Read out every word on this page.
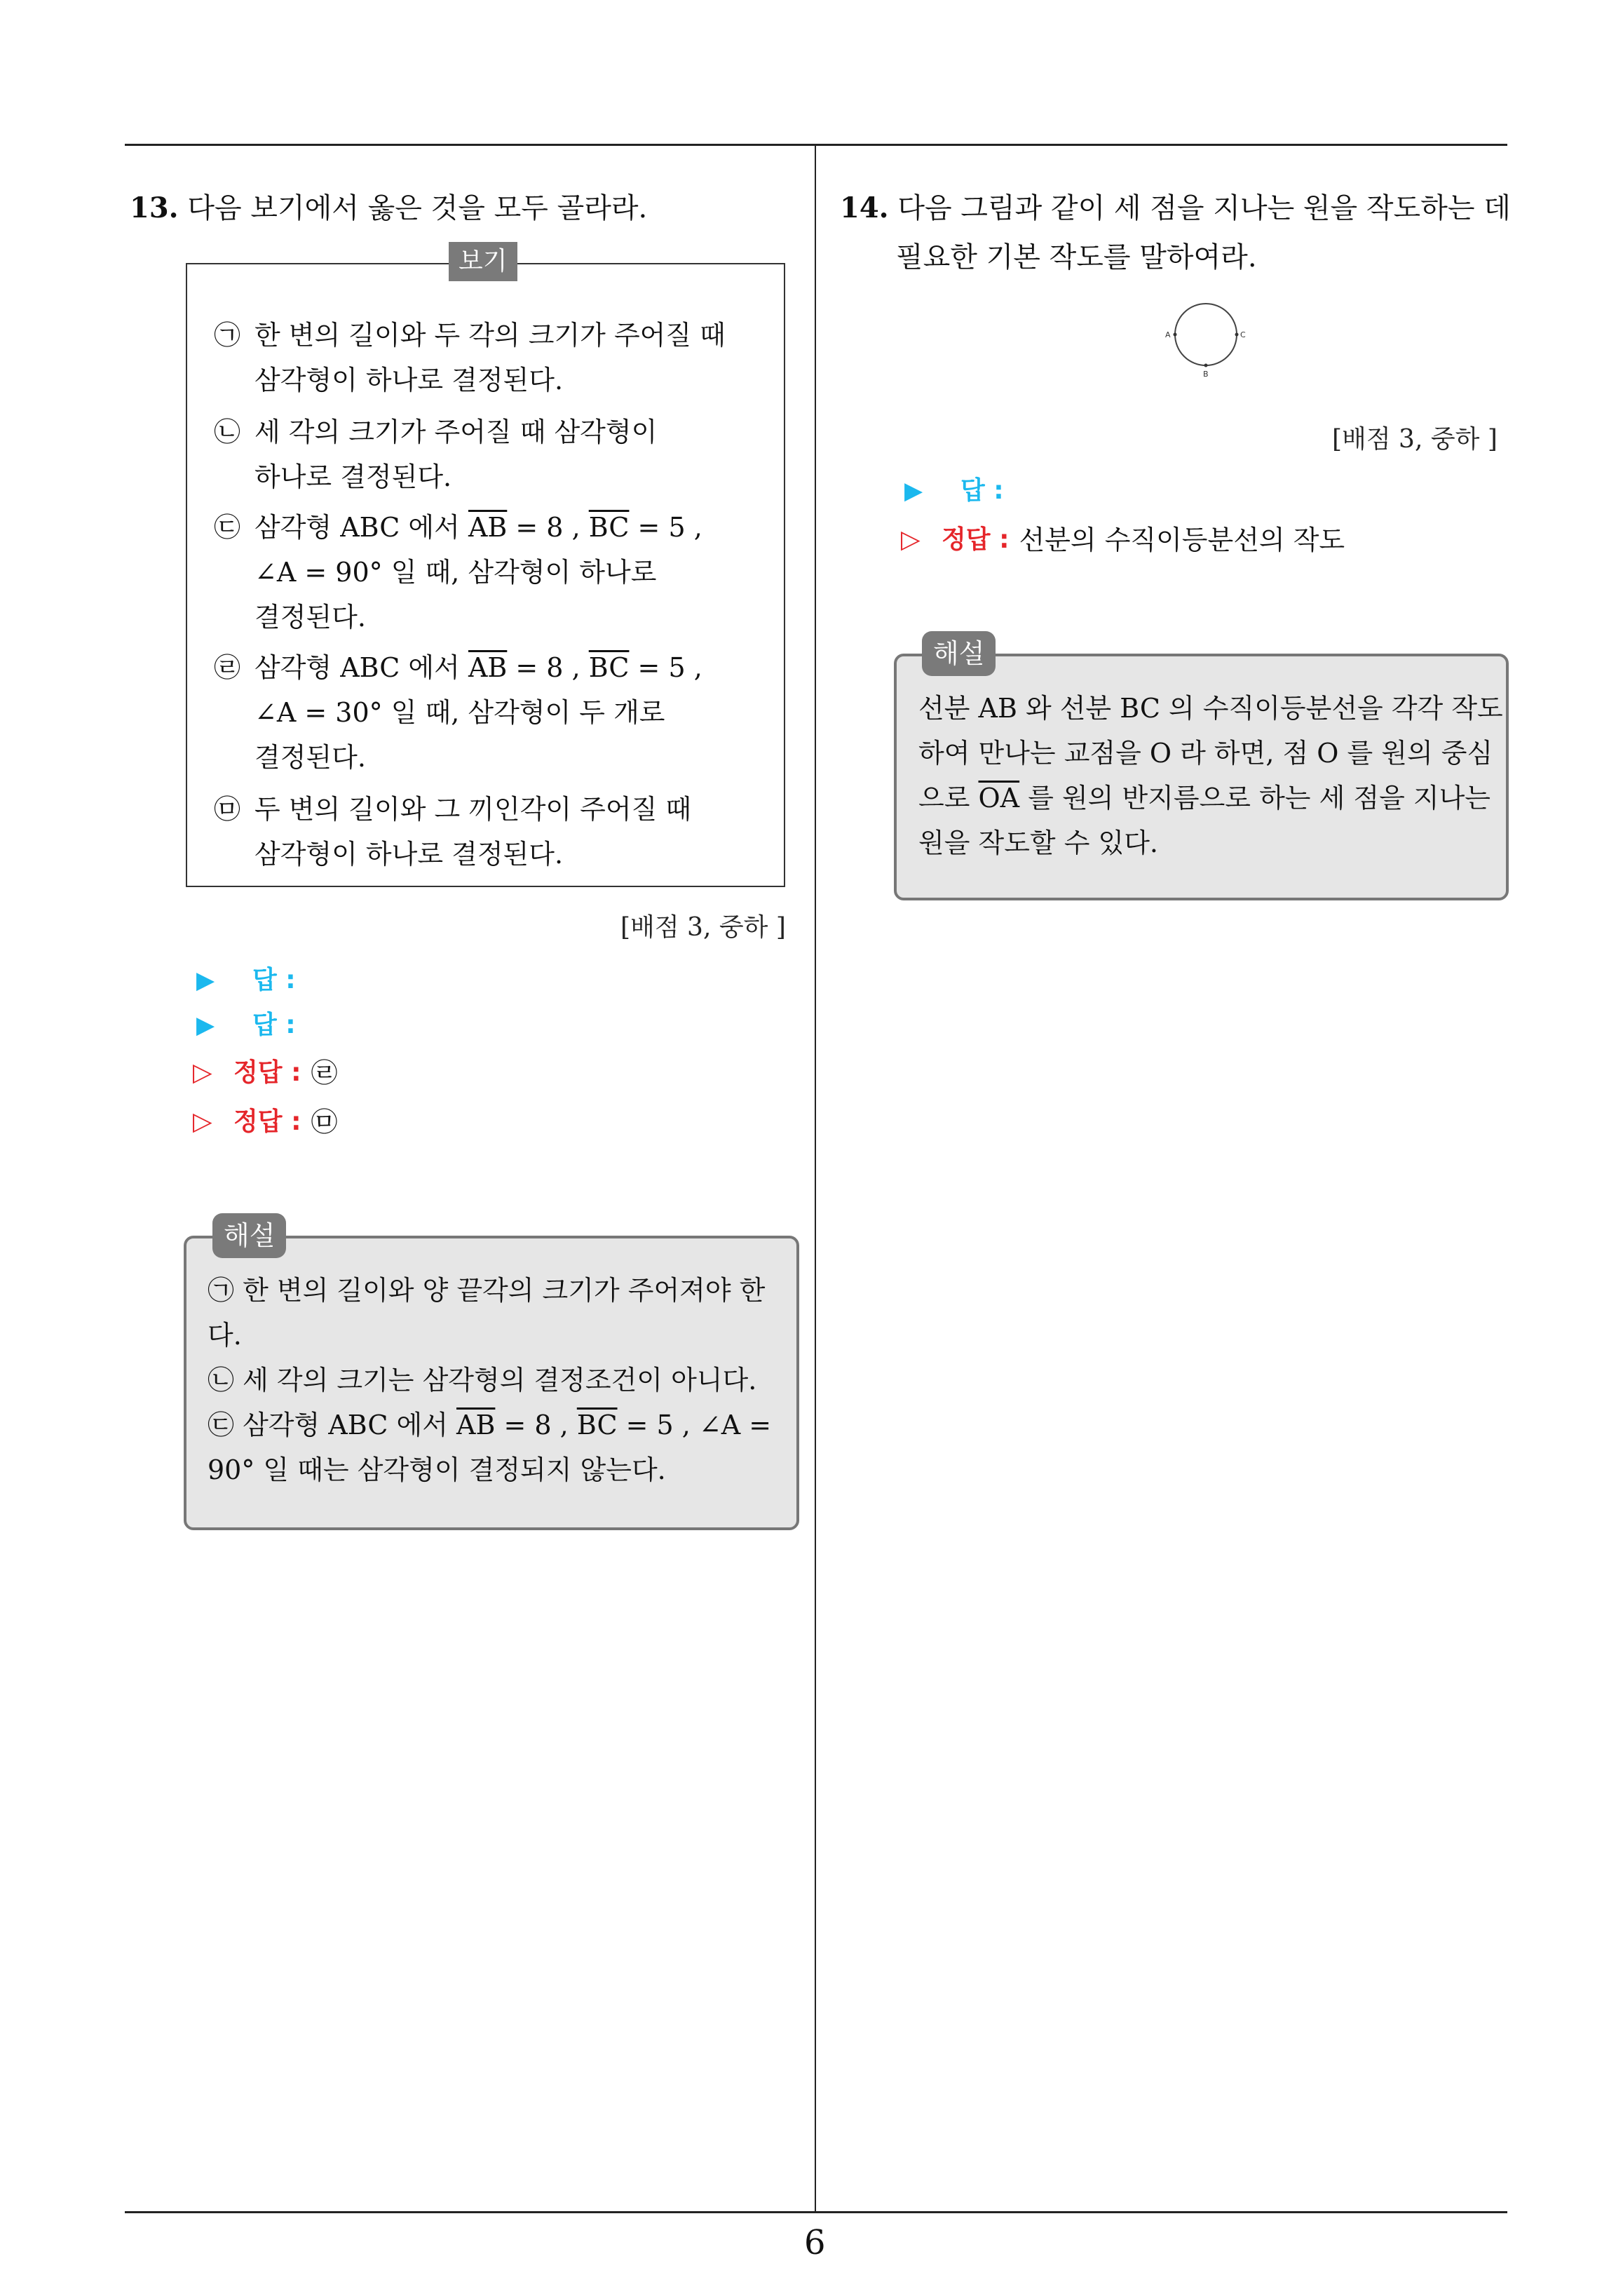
13. 다음 보기에서 옳은 것을 모두 골라라.
보기
㉠ 한 변의 길이와 두 각의 크기가 주어질 때
삼각형이 하나로 결정된다.
㉡ 세 각의 크기가 주어질 때 삼각형이
하나로 결정된다.
㉢ 삼각형 ABC 에서 $\overline{AB} = 8$ , $\overline{BC} = 5$ ,
∠A = 90° 일 때, 삼각형이 하나로
결정된다.
㉣ 삼각형 ABC 에서 $\overline{AB} = 8$ , $\overline{BC} = 5$ ,
∠A = 30° 일 때, 삼각형이 두 개로
결정된다.
㉤ 두 변의 길이와 그 끼인각이 주어질 때
삼각형이 하나로 결정된다.
[배점 3, 중하 ]
▶	답 :
▶	답 :
▷ 정답 : ㉣
▷ 정답 : ㉤
해설
㉠ 한 변의 길이와 양 끝각의 크기가 주어져야 한
다.
㉡ 세 각의 크기는 삼각형의 결정조건이 아니다.
㉢ 삼각형 ABC 에서 $\overline{AB} = 8$ , $\overline{BC} = 5$ , ∠A =
90° 일 때는 삼각형이 결정되지 않는다.
14. 다음 그림과 같이 세 점을 지나는 원을 작도하는 데
필요한 기본 작도를 말하여라.
A
B
C
[배점 3, 중하 ]
▶	답 :
▷ 정답 : 선분의 수직이등분선의 작도
해설
선분 AB 와 선분 BC 의 수직이등분선을 각각 작도
하여 만나는 교점을 O 라 하면, 점 O 를 원의 중심
으로 $\overline{OA}$ 를 원의 반지름으로 하는 세 점을 지나는
원을 작도할 수 있다.
6
